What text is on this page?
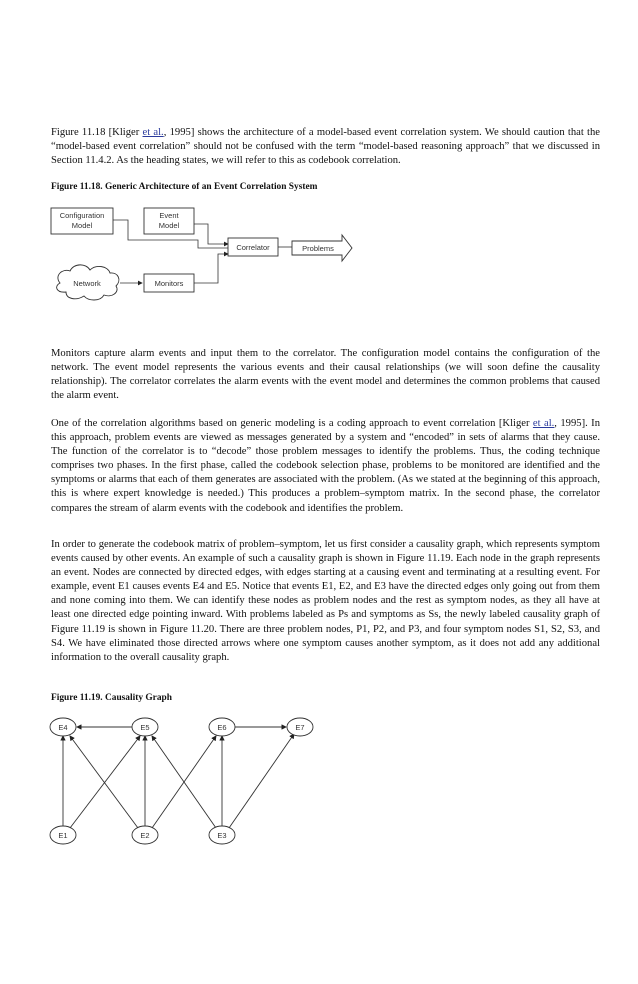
Figure 11.18 [Kliger et al., 1995] shows the architecture of a model-based event correlation system. We should caution that the “model-based event correlation” should not be confused with the term “model-based reasoning approach” that we discussed in Section 11.4.2. As the heading states, we will refer to this as codebook correlation.

Figure 11.18. Generic Architecture of an Event Correlation System

Configuration
Model
Event
Model
Correlator	Problems
Network	Monitors

Monitors capture alarm events and input them to the correlator. The configuration model contains the configuration of the network. The event model represents the various events and their causal relationships (we will soon define the causality relationship). The correlator correlates the alarm events with the event model and determines the common problems that caused the alarm event.

One of the correlation algorithms based on generic modeling is a coding approach to event correlation [Kliger et al., 1995]. In this approach, problem events are viewed as messages generated by a system and “encoded” in sets of alarms that they cause. The function of the correlator is to “decode” those problem messages to identify the problems. Thus, the coding technique comprises two phases. In the first phase, called the codebook selection phase, problems to be monitored are identified and the symptoms or alarms that each of them generates are associated with the problem. (As we stated at the beginning of this approach, this is where expert knowledge is needed.) This produces a problem–symptom matrix. In the second phase, the correlator compares the stream of alarm events with the codebook and identifies the problem.

In order to generate the codebook matrix of problem–symptom, let us first consider a causality graph, which represents symptom events caused by other events. An example of such a causality graph is shown in Figure 11.19. Each node in the graph represents an event. Nodes are connected by directed edges, with edges starting at a causing event and terminating at a resulting event. For example, event E1 causes events E4 and E5. Notice that events E1, E2, and E3 have the directed edges only going out from them and none coming into them. We can identify these nodes as problem nodes and the rest as symptom nodes, as they all have at least one directed edge pointing inward. With problems labeled as Ps and symptoms as Ss, the newly labeled causality graph of Figure 11.19 is shown in Figure 11.20. There are three problem nodes, P1, P2, and P3, and four symptom nodes S1, S2, S3, and S4. We have eliminated those directed arrows where one symptom causes another symptom, as it does not add any additional information to the overall causality graph.

Figure 11.19. Causality Graph

E4	E5	E6	E7
E1	E2	E3
